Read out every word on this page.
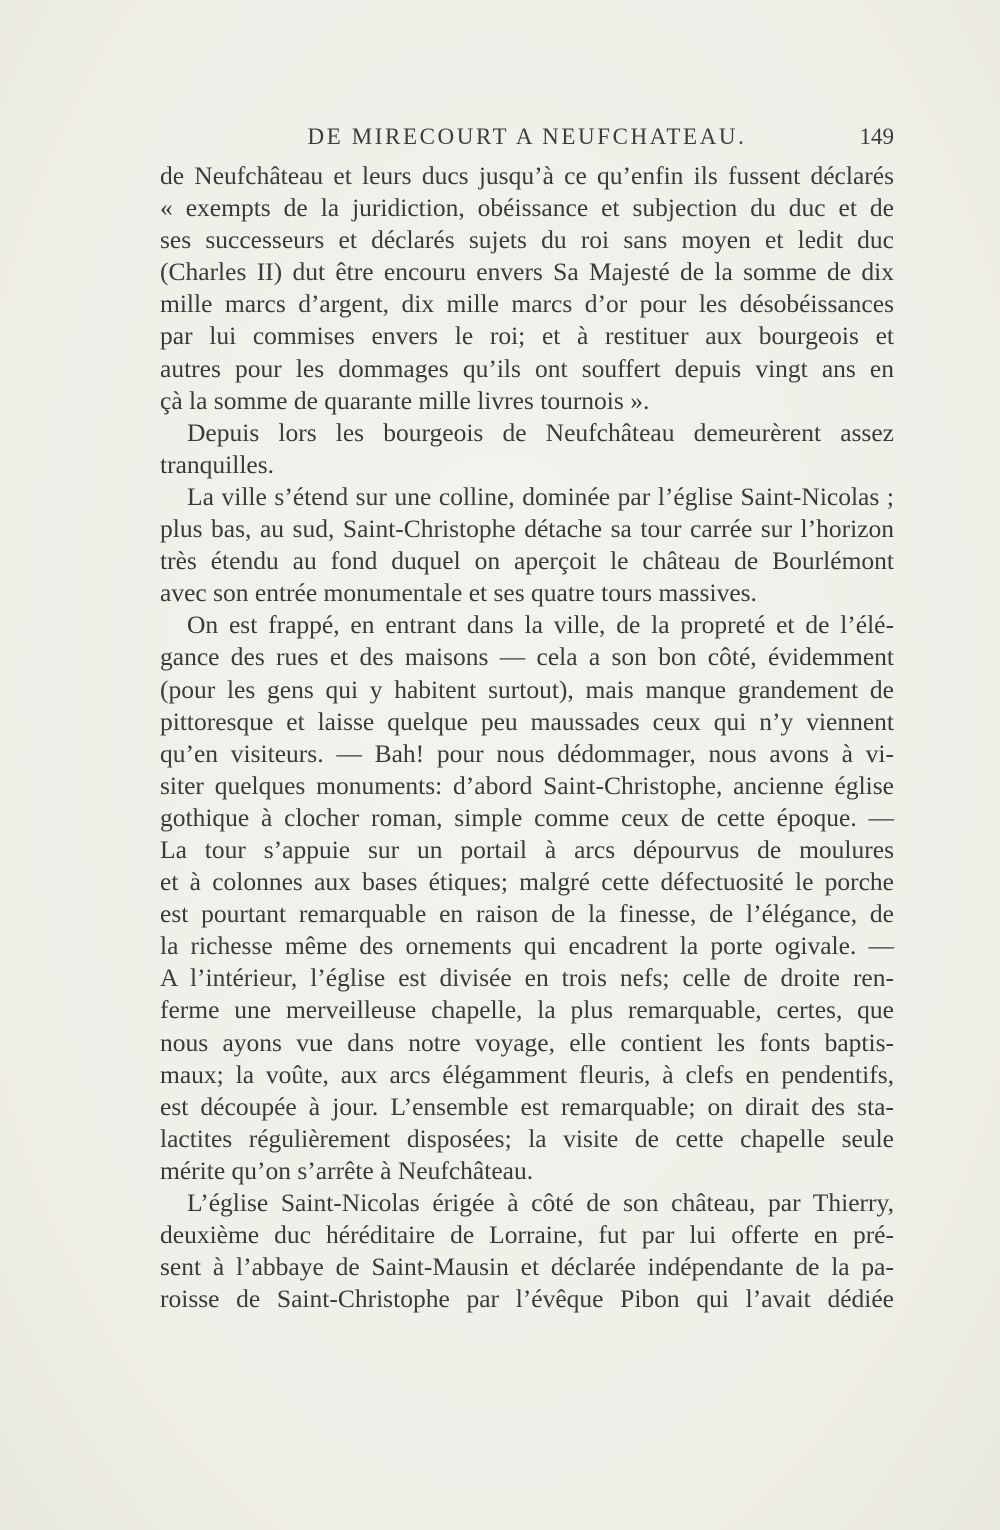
DE MIRECOURT A NEUFCHATEAU.	149
de Neufchâteau et leurs ducs jusqu’à ce qu’enfin ils fussent déclarés
« exempts de la juridiction, obéissance et subjection du duc et de
ses successeurs et déclarés sujets du roi sans moyen et ledit duc
(Charles II) dut être encouru envers Sa Majesté de la somme de dix
mille marcs d’argent, dix mille marcs d’or pour les désobéissances
par lui commises envers le roi; et à restituer aux bourgeois et
autres pour les dommages qu’ils ont souffert depuis vingt ans en
çà la somme de quarante mille livres tournois ».
Depuis lors les bourgeois de Neufchâteau demeurèrent assez
tranquilles.
La ville s’étend sur une colline, dominée par l’église Saint-Nicolas ;
plus bas, au sud, Saint-Christophe détache sa tour carrée sur l’horizon
très étendu au fond duquel on aperçoit le château de Bourlémont
avec son entrée monumentale et ses quatre tours massives.
On est frappé, en entrant dans la ville, de la propreté et de l’élé-
gance des rues et des maisons — cela a son bon côté, évidemment
(pour les gens qui y habitent surtout), mais manque grandement de
pittoresque et laisse quelque peu maussades ceux qui n’y viennent
qu’en visiteurs. — Bah! pour nous dédommager, nous avons à vi-
siter quelques monuments: d’abord Saint-Christophe, ancienne église
gothique à clocher roman, simple comme ceux de cette époque. —
La tour s’appuie sur un portail à arcs dépourvus de moulures
et à colonnes aux bases étiques; malgré cette défectuosité le porche
est pourtant remarquable en raison de la finesse, de l’élégance, de
la richesse même des ornements qui encadrent la porte ogivale. —
A l’intérieur, l’église est divisée en trois nefs; celle de droite ren-
ferme une merveilleuse chapelle, la plus remarquable, certes, que
nous ayons vue dans notre voyage, elle contient les fonts baptis-
maux; la voûte, aux arcs élégamment fleuris, à clefs en pendentifs,
est découpée à jour. L’ensemble est remarquable; on dirait des sta-
lactites régulièrement disposées; la visite de cette chapelle seule
mérite qu’on s’arrête à Neufchâteau.
L’église Saint-Nicolas érigée à côté de son château, par Thierry,
deuxième duc héréditaire de Lorraine, fut par lui offerte en pré-
sent à l’abbaye de Saint-Mausin et déclarée indépendante de la pa-
roisse de Saint-Christophe par l’évêque Pibon qui l’avait dédiée
